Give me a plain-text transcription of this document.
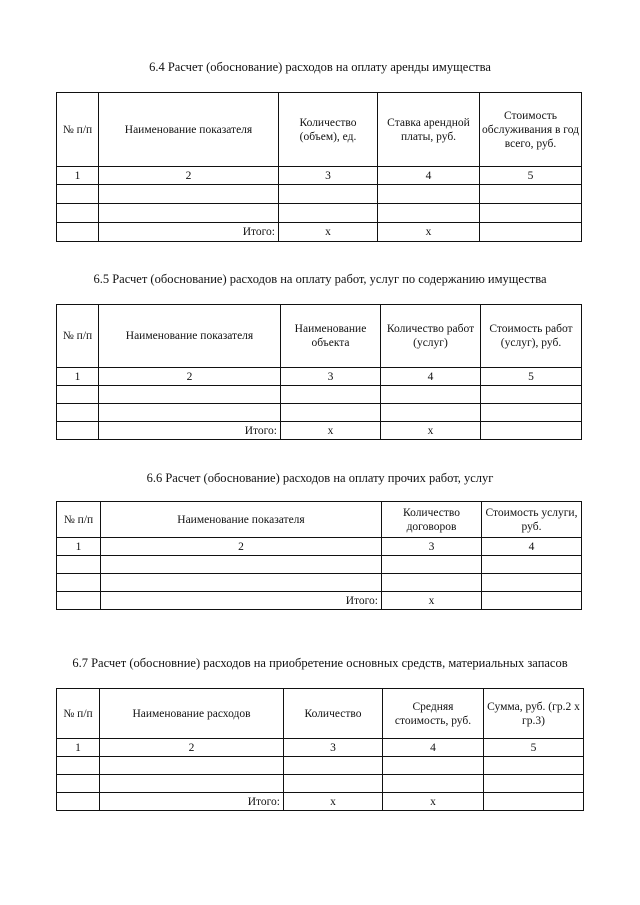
6.4 Расчет (обоснование) расходов на оплату аренды имущества
№ п/п	Наименование показателя	Количество (объем), ед.	Ставка арендной платы, руб.	Стоимость обслуживания в год всего, руб.
1	2	3	4	5

	Итого:	x	x	
6.5 Расчет (обоснование) расходов на оплату работ, услуг по содержанию имущества
№ п/п	Наименование показателя	Наименование объекта	Количество работ (услуг)	Стоимость работ (услуг), руб.
1	2	3	4	5

	Итого:	x	x	
6.6 Расчет (обоснование) расходов на оплату прочих работ, услуг
№ п/п	Наименование показателя	Количество договоров	Стоимость услуги, руб.
1	2	3	4

	Итого:	x	
6.7 Расчет (обосновние) расходов на приобретение основных средств, материальных запасов
№ п/п	Наименование расходов	Количество	Средняя стоимость, руб.	Сумма, руб. (гр.2 х гр.3)
1	2	3	4	5

	Итого:	x	x	
